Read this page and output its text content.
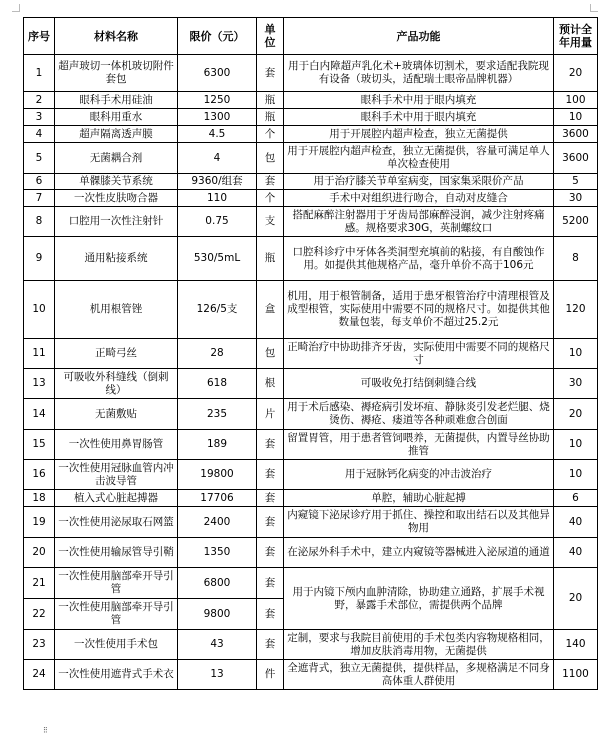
序号	材料名称	限价（元）	单位	产品功能	预计全年用量
1	超声玻切一体机玻切附件套包	6300	套	用于白内障超声乳化术+玻璃体切割术，要求适配我院现有设备（玻切头，适配瑞士眼帝品牌机器）	20
2	眼科手术用硅油	1250	瓶	眼科手术中用于眼内填充	100
3	眼科用重水	1300	瓶	眼科手术中用于眼内填充	10
4	超声隔离透声膜	4.5	个	用于开展腔内超声检查，独立无菌提供	3600
5	无菌耦合剂	4	包	用于开展腔内超声检查，独立无菌提供，容量可满足单人单次检查使用	3600
6	单髁膝关节系统	9360/组套	套	用于治疗膝关节单室病变，国家集采限价产品	5
7	一次性皮肤吻合器	110	个	手术中对组织进行吻合，自动对皮缝合	30
8	口腔用一次性注射针	0.75	支	搭配麻醉注射器用于牙齿局部麻醉浸润，减少注射疼痛感。规格要求30G，英制螺纹口	5200
9	通用粘接系统	530/5mL	瓶	口腔科诊疗中牙体各类洞型充填前的粘接，有自酸蚀作用。如提供其他规格产品，毫升单价不高于106元	8
10	机用根管锉	126/5支	盒	机用，用于根管制备，适用于患牙根管治疗中清理根管及成型根管，实际使用中需要不同的规格尺寸。如提供其他数量包装，每支单价不超过25.2元	120
11	正畸弓丝	28	包	正畸治疗中协助排齐牙齿，实际使用中需要不同的规格尺寸	10
13	可吸收外科缝线（倒刺线）	618	根	可吸收免打结倒刺缝合线	30
14	无菌敷贴	235	片	用于术后感染、褥疮病引发坏疽、静脉炎引发老烂腿、烧烫伤、褥疮、瘘道等各种顽难愈合创面	20
15	一次性使用鼻胃肠管	189	套	留置胃管，用于患者管饲喂养，无菌提供，内置导丝协助推管	10
16	一次性使用冠脉血管内冲击波导管	19800	套	用于冠脉钙化病变的冲击波治疗	10
18	植入式心脏起搏器	17706	套	单腔，辅助心脏起搏	6
19	一次性使用泌尿取石网篮	2400	套	内窥镜下泌尿诊疗用于抓住、操控和取出结石以及其他异物用	40
20	一次性使用输尿管导引鞘	1350	套	在泌尿外科手术中，建立内窥镜等器械进入泌尿道的通道	40
21	一次性使用脑部牵开导引管	6800	套	用于内镜下颅内血肿清除，协助建立通路，扩展手术视野，暴露手术部位，需提供两个品牌	20
22	一次性使用脑部牵开导引管	9800	套		
23	一次性使用手术包	43	套	定制，要求与我院目前使用的手术包类内容物规格相同，增加皮肤消毒用物，无菌提供	140
24	一次性使用遮背式手术衣	13	件	全遮背式，独立无菌提供，提供样品，多规格满足不同身高体重人群使用	1100
⁝⁝
